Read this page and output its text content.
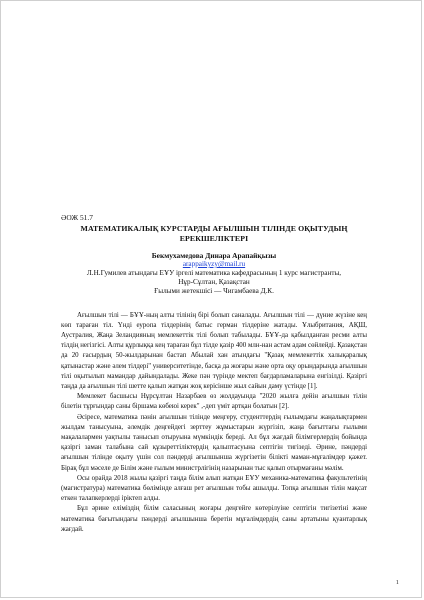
ӘОЖ 51.7

МАТЕМАТИКАЛЫҚ КУРСТАРДЫ АҒЫЛШЫН ТІЛІНДЕ ОҚЫТУДЫҢ
ЕРЕКШЕЛІКТЕРІ

Бекмухамедова Динара Арапайқызы

arappaikyzy@mail.ru

Л.Н.Гумилев атындағы ЕҰУ іргелі математика кафедрасының 1 курс магистранты,

Нұр-Сұлтан, Қазақстан

Ғылыми жетекшісі — Чигамбаева Д.К.

Ағылшын тілі — БҰҰ-ның алты тілінің бірі болып саналады. Ағылшын тілі — дүние жүзіне кең көп тараған тіл. Үнді еуропа тілдерінің батыс герман тілдеріне жатады. Ұлыбритания, АҚШ, Аустралия, Жаңа Зеландияның мемлекеттік тілі болып табылады. БҰҰ-да қабылданған ресми алты тілдің негізгісі. Алты құрлыққа кең тараған бұл тілде қазір 400 млн-нан астам адам сөйлейді. Қазақстан да 20 ғасырдың 50-жылдарынан бастап Абылай хан атындағы "Қазақ мемлекеттік халықаралық қатынастар және әлем тілдері" университетінде, басқа да жоғары және орта оқу орындарында ағылшын тілі оқытылып мамандар дайындалады. Жеке пән түрінде мектеп бағдарламаларына енгізілді. Қазіргі таңда да ағылшын тілі шетте қалып жатқан жоқ керісінше жыл сайын даму үстінде [1].

Мемлекет басшысы Нұрсұлтан Назарбаев өз жолдауында "2020 жылға дейін ағылшын тілін білетін тұрғындар саны біршама көбеюі керек" ,-деп үміт артқан болатын [2].

Әсіресе, математика пәнін ағылшын тілінде меңгеру, студенттердің ғылымдағы жаңалықтармен жылдам танысуына, әлемдік деңгейдегі зерттеу жұмыстарын жүргізіп, жаңа бағыттағы ғылыми мақалалармен уақтылы танысып отыруына мүмкіндік береді. Ал бұл жағдай білімгерлердің бойында қазіргі заман талабына сай құзыреттіліктердің қалыптасуына септігін тигізеді. Әрине, пәндерді ағылшын тілінде оқыту үшін сол пәндерді ағылшынша жүргізетін білікті маман-мұғалімдер қажет. Бірақ бұл мәселе де Білім және ғылым министрлігінің назарынан тыс қалып отырмағаны мәлім.

Осы орайда 2018 жылы қазіргі таңда білім алып жатқан ЕҰУ механика-математика факультетінің (магистратура) математика бөлімінде алғаш рет ағылшын тобы ашылды. Топқа ағылшын тілін мақсат еткен талапкерлерді іріктеп алды.

Бұл әрине еліміздің білім саласының жоғары деңгейге көтерілуіне септігін тигізетіні және математика бағытындағы пәндерді ағылшынша беретін мұғалімдердің саны артатыны қуантарлық жағдай.

1
